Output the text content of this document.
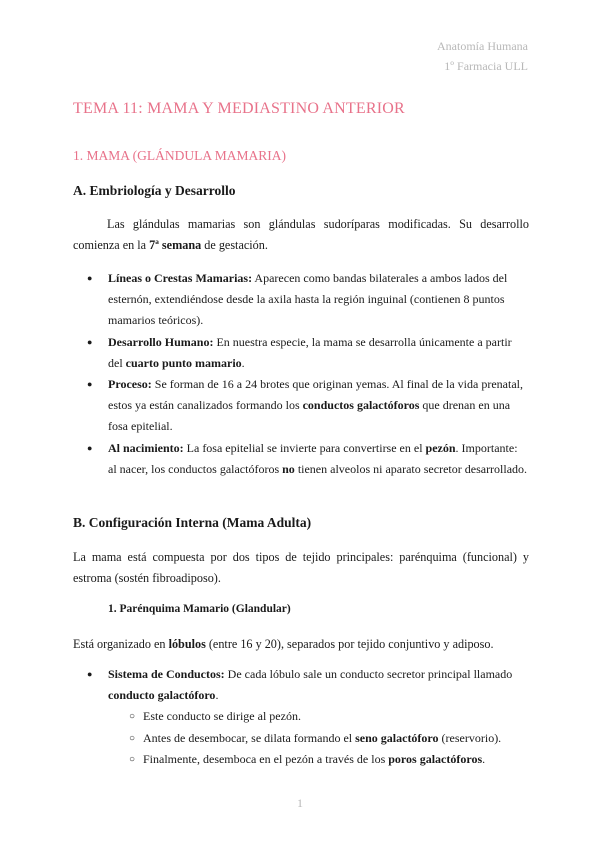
Anatomía Humana
1º Farmacia ULL
TEMA 11: MAMA Y MEDIASTINO ANTERIOR
1. MAMA (GLÁNDULA MAMARIA)
A. Embriología y Desarrollo

Las glándulas mamarias son glándulas sudoríparas modificadas. Su desarrollo comienza en la 7ª semana de gestación.

● Líneas o Crestas Mamarias: Aparecen como bandas bilaterales a ambos lados del esternón, extendiéndose desde la axila hasta la región inguinal (contienen 8 puntos mamarios teóricos).
● Desarrollo Humano: En nuestra especie, la mama se desarrolla únicamente a partir del cuarto punto mamario.
● Proceso: Se forman de 16 a 24 brotes que originan yemas. Al final de la vida prenatal, estos ya están canalizados formando los conductos galactóforos que drenan en una fosa epitelial.
● Al nacimiento: La fosa epitelial se invierte para convertirse en el pezón. Importante: al nacer, los conductos galactóforos no tienen alveolos ni aparato secretor desarrollado.
B. Configuración Interna (Mama Adulta)

La mama está compuesta por dos tipos de tejido principales: parénquima (funcional) y estroma (sostén fibroadiposo).

1. Parénquima Mamario (Glandular)

Está organizado en lóbulos (entre 16 y 20), separados por tejido conjuntivo y adiposo.

● Sistema de Conductos: De cada lóbulo sale un conducto secretor principal llamado conducto galactóforo.
○ Este conducto se dirige al pezón.
○ Antes de desembocar, se dilata formando el seno galactóforo (reservorio).
○ Finalmente, desemboca en el pezón a través de los poros galactóforos.
1
